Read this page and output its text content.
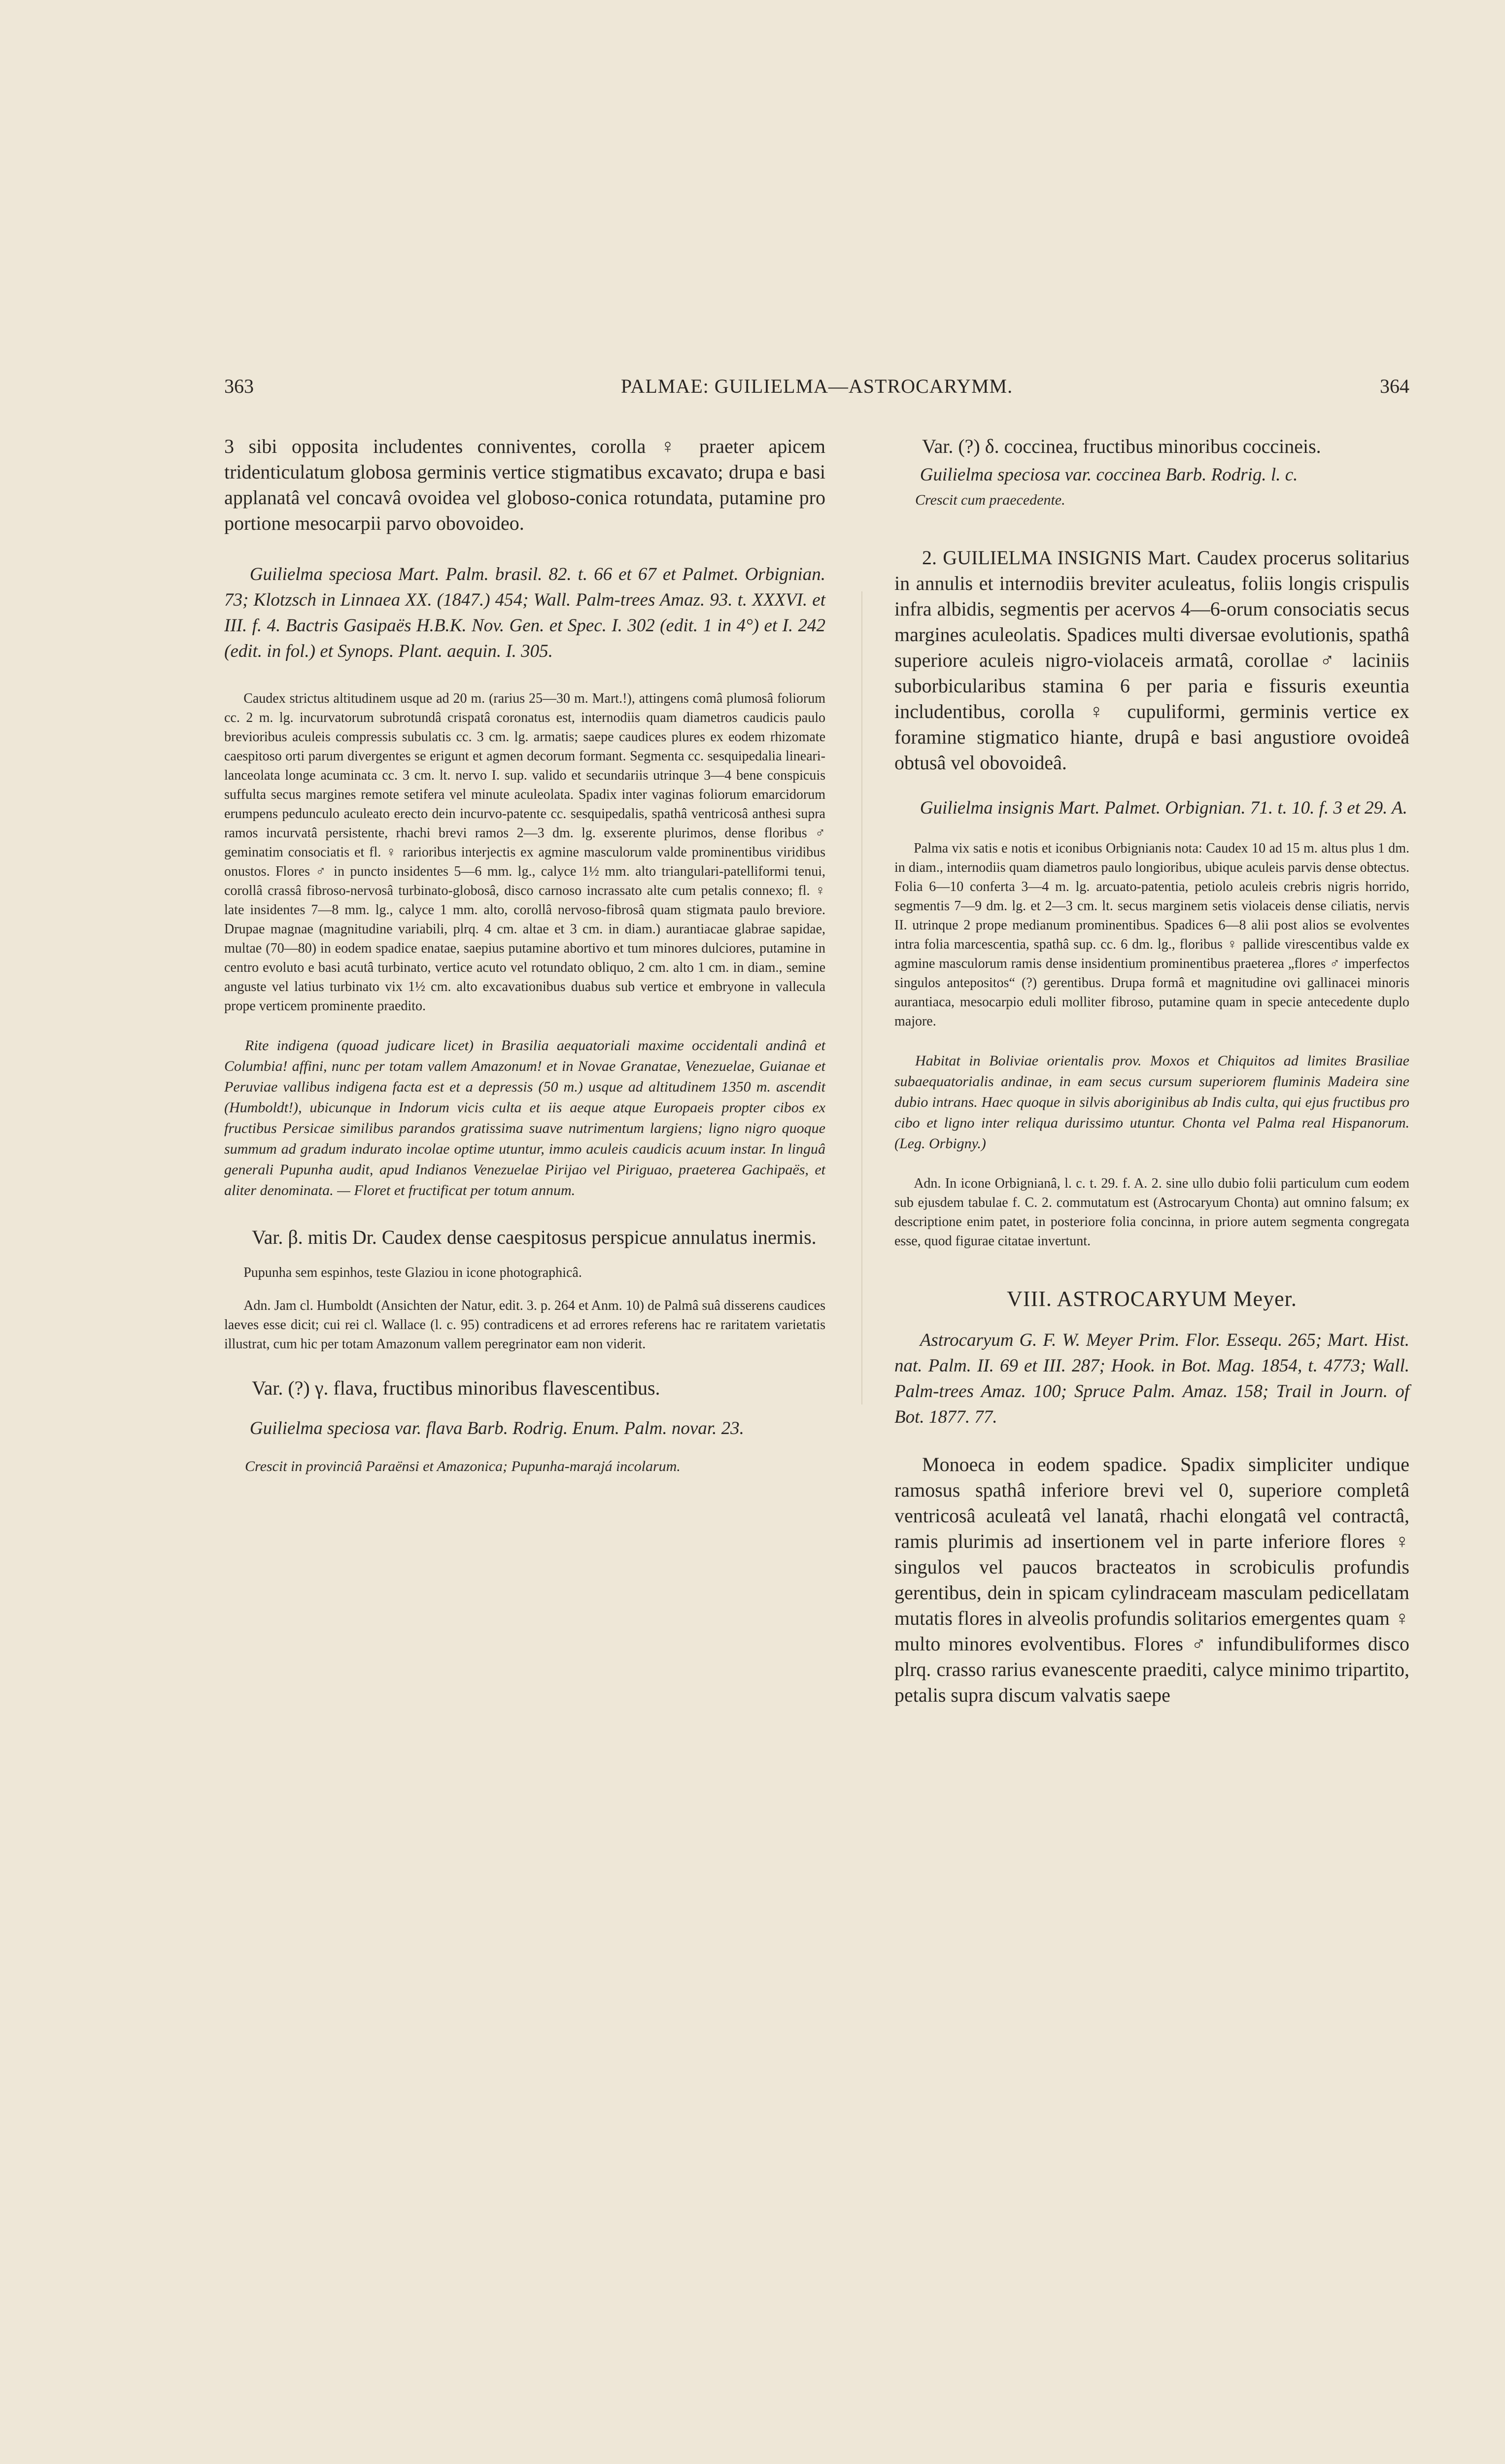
363	PALMAE: GUILIELMA—ASTROCARYMM.	364

3 sibi opposita includentes conniventes, corolla ♀ praeter apicem tridenticulatum globosa germinis vertice stigmatibus excavato; drupa e basi applanatâ vel concavâ ovoidea vel globoso-conica rotundata, putamine pro portione mesocarpii parvo obovoideo.

Guilielma speciosa Mart. Palm. brasil. 82. t. 66 et 67 et Palmet. Orbignian. 73; Klotzsch in Linnaea XX. (1847.) 454; Wall. Palm-trees Amaz. 93. t. XXXVI. et III. f. 4. Bactris Gasipaës H.B.K. Nov. Gen. et Spec. I. 302 (edit. 1 in 4°) et I. 242 (edit. in fol.) et Synops. Plant. aequin. I. 305.

Caudex strictus altitudinem usque ad 20 m. (rarius 25—30 m. Mart.!), attingens comâ plumosâ foliorum cc. 2 m. lg. incurvatorum subrotundâ crispatâ coronatus est, internodiis quam diametros caudicis paulo brevioribus aculeis compressis subulatis cc. 3 cm. lg. armatis; saepe caudices plures ex eodem rhizomate caespitoso orti parum divergentes se erigunt et agmen decorum formant. Segmenta cc. sesquipedalia lineari-lanceolata longe acuminata cc. 3 cm. lt. nervo I. sup. valido et secundariis utrinque 3—4 bene conspicuis suffulta secus margines remote setifera vel minute aculeolata. Spadix inter vaginas foliorum emarcidorum erumpens pedunculo aculeato erecto dein incurvo-patente cc. sesquipedalis, spathâ ventricosâ anthesi supra ramos incurvatâ persistente, rhachi brevi ramos 2—3 dm. lg. exserente plurimos, dense floribus ♂ geminatim consociatis et fl. ♀ rarioribus interjectis ex agmine masculorum valde prominentibus viridibus onustos. Flores ♂ in puncto insidentes 5—6 mm. lg., calyce 1½ mm. alto triangulari-patelliformi tenui, corollâ crassâ fibroso-nervosâ turbinato-globosâ, disco carnoso incrassato alte cum petalis connexo; fl. ♀ late insidentes 7—8 mm. lg., calyce 1 mm. alto, corollâ nervoso-fibrosâ quam stigmata paulo breviore. Drupae magnae (magnitudine variabili, plrq. 4 cm. altae et 3 cm. in diam.) aurantiacae glabrae sapidae, multae (70—80) in eodem spadice enatae, saepius putamine abortivo et tum minores dulciores, putamine in centro evoluto e basi acutâ turbinato, vertice acuto vel rotundato obliquo, 2 cm. alto 1 cm. in diam., semine anguste vel latius turbinato vix 1½ cm. alto excavationibus duabus sub vertice et embryone in vallecula prope verticem prominente praedito.

Rite indigena (quoad judicare licet) in Brasilia aequatoriali maxime occidentali andinâ et Columbia! affini, nunc per totam vallem Amazonum! et in Novae Granatae, Venezuelae, Guianae et Peruviae vallibus indigena facta est et a depressis (50 m.) usque ad altitudinem 1350 m. ascendit (Humboldt!), ubicunque in Indorum vicis culta et iis aeque atque Europaeis propter cibos ex fructibus Persicae similibus parandos gratissima suave nutrimentum largiens; ligno nigro quoque summum ad gradum indurato incolae optime utuntur, immo aculeis caudicis acuum instar. In linguâ generali Pupunha audit, apud Indianos Venezuelae Pirijao vel Piriguao, praeterea Gachipaës, et aliter denominata. — Floret et fructificat per totum annum.

Var. β. mitis Dr. Caudex dense caespitosus perspicue annulatus inermis.

Pupunha sem espinhos, teste Glaziou in icone photographicâ.

Adn. Jam cl. Humboldt (Ansichten der Natur, edit. 3. p. 264 et Anm. 10) de Palmâ suâ disserens caudices laeves esse dicit; cui rei cl. Wallace (l. c. 95) contradicens et ad errores referens hac re raritatem varietatis illustrat, cum hic per totam Amazonum vallem peregrinator eam non viderit.

Var. (?) γ. flava, fructibus minoribus flavescentibus.

Guilielma speciosa var. flava Barb. Rodrig. Enum. Palm. novar. 23.

Crescit in provinciâ Paraënsi et Amazonica; Pupunha-marajá incolarum.

Var. (?) δ. coccinea, fructibus minoribus coccineis.

Guilielma speciosa var. coccinea Barb. Rodrig. l. c.

Crescit cum praecedente.

2. GUILIELMA INSIGNIS Mart. Caudex procerus solitarius in annulis et internodiis breviter aculeatus, foliis longis crispulis infra albidis, segmentis per acervos 4—6-orum consociatis secus margines aculeolatis. Spadices multi diversae evolutionis, spathâ superiore aculeis nigro-violaceis armatâ, corollae ♂ laciniis suborbicularibus stamina 6 per paria e fissuris exeuntia includentibus, corolla ♀ cupuliformi, germinis vertice ex foramine stigmatico hiante, drupâ e basi angustiore ovoideâ obtusâ vel obovoideâ.

Guilielma insignis Mart. Palmet. Orbignian. 71. t. 10. f. 3 et 29. A.

Palma vix satis e notis et iconibus Orbignianis nota: Caudex 10 ad 15 m. altus plus 1 dm. in diam., internodiis quam diametros paulo longioribus, ubique aculeis parvis dense obtectus. Folia 6—10 conferta 3—4 m. lg. arcuato-patentia, petiolo aculeis crebris nigris horrido, segmentis 7—9 dm. lg. et 2—3 cm. lt. secus marginem setis violaceis dense ciliatis, nervis II. utrinque 2 prope medianum prominentibus. Spadices 6—8 alii post alios se evolventes intra folia marcescentia, spathâ sup. cc. 6 dm. lg., floribus ♀ pallide virescentibus valde ex agmine masculorum ramis dense insidentium prominentibus praeterea „flores ♂ imperfectos singulos antepositos“ (?) gerentibus. Drupa formâ et magnitudine ovi gallinacei minoris aurantiaca, mesocarpio eduli molliter fibroso, putamine quam in specie antecedente duplo majore.

Habitat in Boliviae orientalis prov. Moxos et Chiquitos ad limites Brasiliae subaequatorialis andinae, in eam secus cursum superiorem fluminis Madeira sine dubio intrans. Haec quoque in silvis aboriginibus ab Indis culta, qui ejus fructibus pro cibo et ligno inter reliqua durissimo utuntur. Chonta vel Palma real Hispanorum. (Leg. Orbigny.)

Adn. In icone Orbignianâ, l. c. t. 29. f. A. 2. sine ullo dubio folii particulum cum eodem sub ejusdem tabulae f. C. 2. commutatum est (Astrocaryum Chonta) aut omnino falsum; ex descriptione enim patet, in posteriore folia concinna, in priore autem segmenta congregata esse, quod figurae citatae invertunt.

VIII. ASTROCARYUM Meyer.

Astrocaryum G. F. W. Meyer Prim. Flor. Essequ. 265; Mart. Hist. nat. Palm. II. 69 et III. 287; Hook. in Bot. Mag. 1854, t. 4773; Wall. Palm-trees Amaz. 100; Spruce Palm. Amaz. 158; Trail in Journ. of Bot. 1877. 77.

Monoeca in eodem spadice. Spadix simpliciter undique ramosus spathâ inferiore brevi vel 0, superiore completâ ventricosâ aculeatâ vel lanatâ, rhachi elongatâ vel contractâ, ramis plurimis ad insertionem vel in parte inferiore flores ♀ singulos vel paucos bracteatos in scrobiculis profundis gerentibus, dein in spicam cylindraceam masculam pedicellatam mutatis flores in alveolis profundis solitarios emergentes quam ♀ multo minores evolventibus. Flores ♂ infundibuliformes disco plrq. crasso rarius evanescente praediti, calyce minimo tripartito, petalis supra discum valvatis saepe
